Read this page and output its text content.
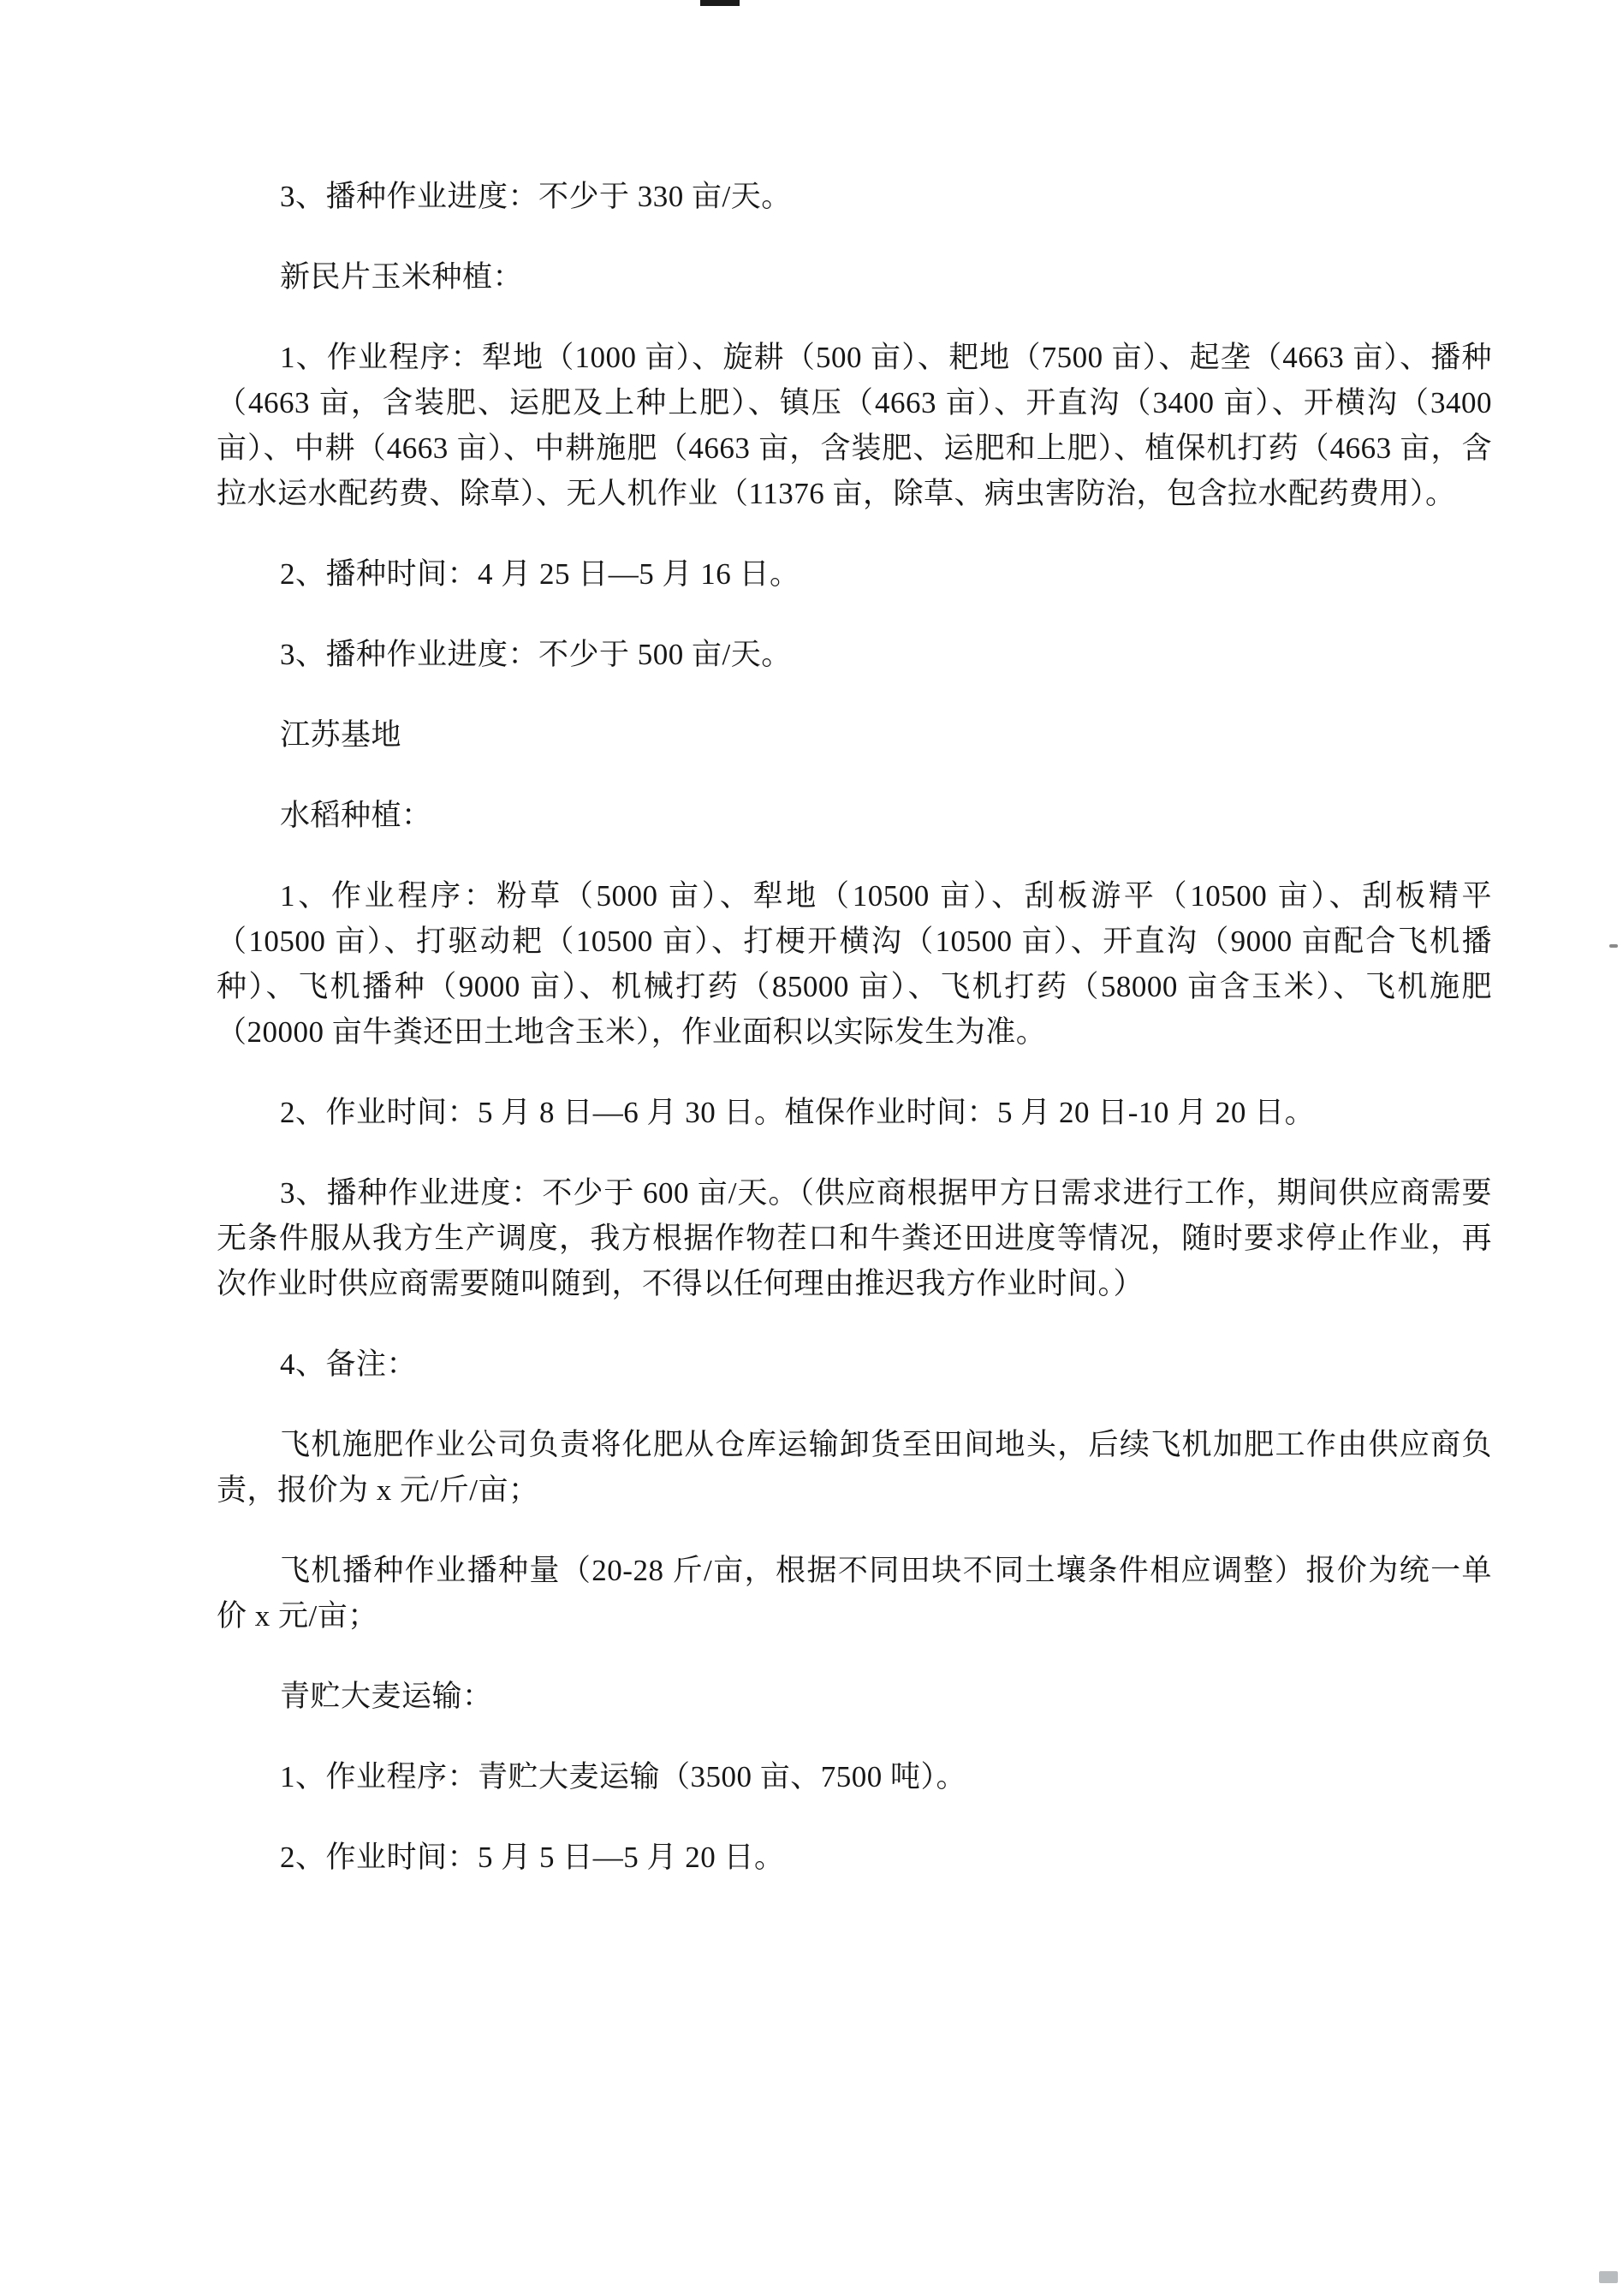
3、播种作业进度：不少于 330 亩/天。

新民片玉米种植：

1、作业程序：犁地（1000 亩）、旋耕（500 亩）、耙地（7500 亩）、起垄（4663 亩）、播种（4663 亩，含装肥、运肥及上种上肥）、镇压（4663 亩）、开直沟（3400 亩）、开横沟（3400 亩）、中耕（4663 亩）、中耕施肥（4663 亩，含装肥、运肥和上肥）、植保机打药（4663 亩，含拉水运水配药费、除草）、无人机作业（11376 亩，除草、病虫害防治，包含拉水配药费用）。

2、播种时间：4 月 25 日—5 月 16 日。

3、播种作业进度：不少于 500 亩/天。

江苏基地

水稻种植：

1、作业程序：粉草（5000 亩）、犁地（10500 亩）、刮板游平（10500 亩）、刮板精平（10500 亩）、打驱动耙（10500 亩）、打梗开横沟（10500 亩）、开直沟（9000 亩配合飞机播种）、飞机播种（9000 亩）、机械打药（85000 亩）、飞机打药（58000 亩含玉米）、飞机施肥（20000 亩牛粪还田土地含玉米），作业面积以实际发生为准。

2、作业时间：5 月 8 日—6 月 30 日。植保作业时间：5 月 20 日-10 月 20 日。

3、播种作业进度：不少于 600 亩/天。（供应商根据甲方日需求进行工作，期间供应商需要无条件服从我方生产调度，我方根据作物茬口和牛粪还田进度等情况，随时要求停止作业，再次作业时供应商需要随叫随到，不得以任何理由推迟我方作业时间。）

4、备注：

飞机施肥作业公司负责将化肥从仓库运输卸货至田间地头，后续飞机加肥工作由供应商负责，报价为 x 元/斤/亩；

飞机播种作业播种量（20-28 斤/亩，根据不同田块不同土壤条件相应调整）报价为统一单价 x 元/亩；

青贮大麦运输：

1、作业程序：青贮大麦运输（3500 亩、7500 吨）。

2、作业时间：5 月 5 日—5 月 20 日。
